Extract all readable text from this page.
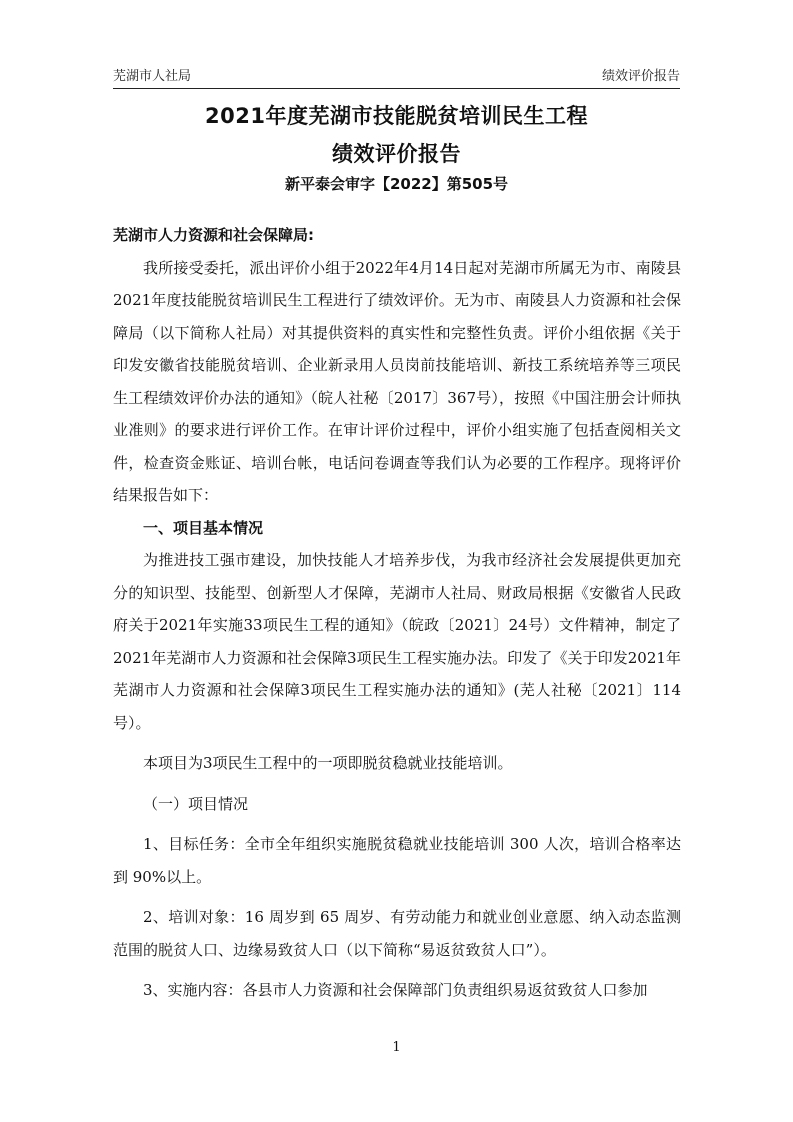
芜湖市人社局	绩效评价报告
2021年度芜湖市技能脱贫培训民生工程
绩效评价报告
新平泰会审字【2022】第505号

芜湖市人力资源和社会保障局:

我所接受委托，派出评价小组于2022年4月14日起对芜湖市所属无为市、南陵县2021年度技能脱贫培训民生工程进行了绩效评价。无为市、南陵县人力资源和社会保障局（以下简称人社局）对其提供资料的真实性和完整性负责。评价小组依据《关于印发安徽省技能脱贫培训、企业新录用人员岗前技能培训、新技工系统培养等三项民生工程绩效评价办法的通知》（皖人社秘〔2017〕367号），按照《中国注册会计师执业准则》的要求进行评价工作。在审计评价过程中，评价小组实施了包括查阅相关文件，检查资金账证、培训台帐，电话问卷调查等我们认为必要的工作程序。现将评价结果报告如下：

一、项目基本情况

为推进技工强市建设，加快技能人才培养步伐，为我市经济社会发展提供更加充分的知识型、技能型、创新型人才保障，芜湖市人社局、财政局根据《安徽省人民政府关于2021年实施33项民生工程的通知》（皖政〔2021〕24号）文件精神，制定了2021年芜湖市人力资源和社会保障3项民生工程实施办法。印发了《关于印发2021年芜湖市人力资源和社会保障3项民生工程实施办法的通知》(芜人社秘〔2021〕114号）。

本项目为3项民生工程中的一项即脱贫稳就业技能培训。

（一）项目情况

1、目标任务：全市全年组织实施脱贫稳就业技能培训 300 人次，培训合格率达到 90%以上。

2、培训对象：16 周岁到 65 周岁、有劳动能力和就业创业意愿、纳入动态监测范围的脱贫人口、边缘易致贫人口（以下简称“易返贫致贫人口”）。

3、实施内容：各县市人力资源和社会保障部门负责组织易返贫致贫人口参加

1
